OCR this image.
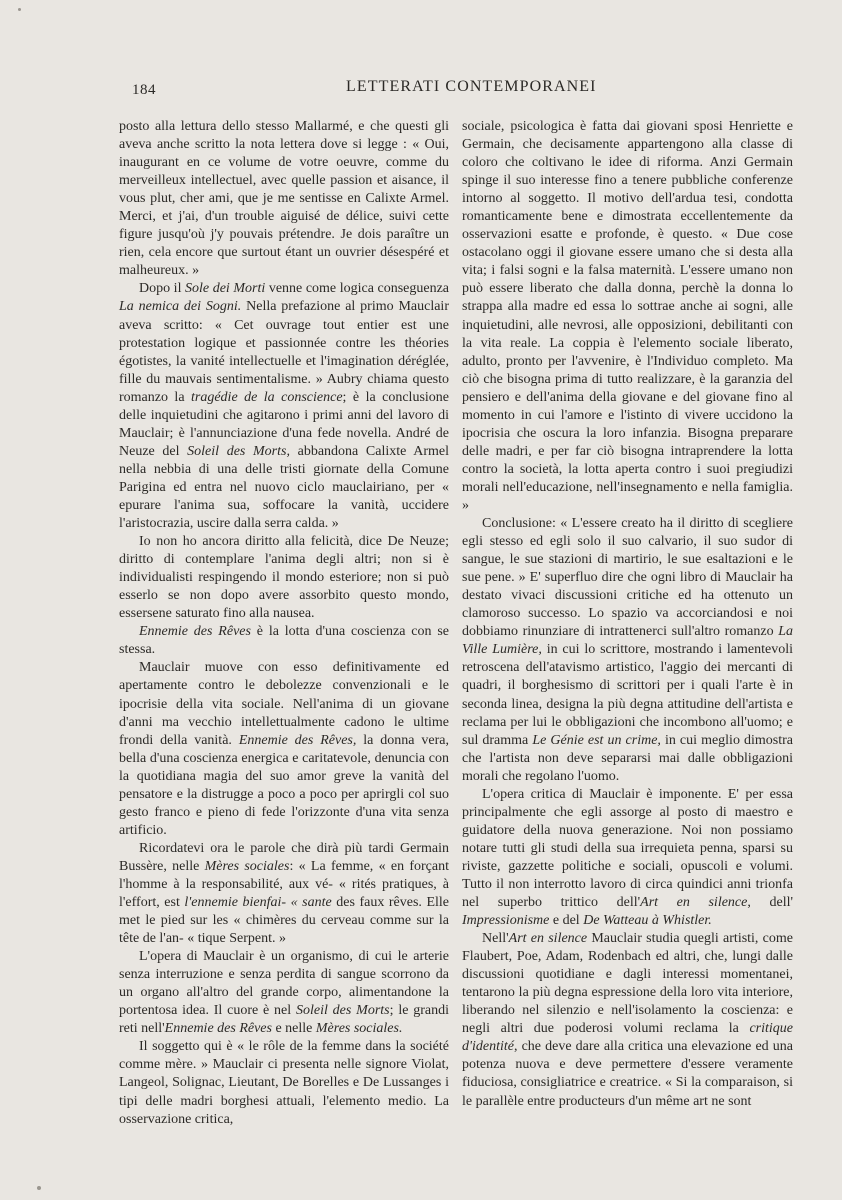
184	LETTERATI CONTEMPORANEI

posto alla lettura dello stesso Mallarmé, e che questi gli aveva anche scritto la nota lettera dove si legge : « Oui, inaugurant en ce volume de votre oeuvre, comme du merveilleux intellectuel, avec quelle passion et aisance, il vous plut, cher ami, que je me sentisse en Calixte Armel. Merci, et j'ai, d'un trouble aiguisé de délice, suivi cette figure jusqu'où j'y pouvais prétendre. Je dois paraître un rien, cela encore que surtout étant un ouvrier désespéré et malheureux. »

Dopo il Sole dei Morti venne come logica conseguenza La nemica dei Sogni. Nella prefazione al primo Mauclair aveva scritto: « Cet ouvrage tout entier est une protestation logique et passionnée contre les théories égotistes, la vanité intellectuelle et l'imagination déréglée, fille du mauvais sentimentalisme. » Aubry chiama questo romanzo la tragédie de la conscience; è la conclusione delle inquietudini che agitarono i primi anni del lavoro di Mauclair; è l'annunciazione d'una fede novella. André de Neuze del Soleil des Morts, abbandona Calixte Armel nella nebbia di una delle tristi giornate della Comune Parigina ed entra nel nuovo ciclo mauclairiano, per « epurare l'anima sua, soffocare la vanità, uccidere l'aristocrazia, uscire dalla serra calda. »

Io non ho ancora diritto alla felicità, dice De Neuze; diritto di contemplare l'anima degli altri; non si è individualisti respingendo il mondo esteriore; non si può esserlo se non dopo avere assorbito questo mondo, essersene saturato fino alla nausea.

Ennemie des Rêves è la lotta d'una coscienza con se stessa.

Mauclair muove con esso definitivamente ed apertamente contro le debolezze convenzionali e le ipocrisie della vita sociale. Nell'anima di un giovane d'anni ma vecchio intellettualmente cadono le ultime frondi della vanità. Ennemie des Rêves, la donna vera, bella d'una coscienza energica e caritatevole, denuncia con la quotidiana magia del suo amor greve la vanità del pensatore e la distrugge a poco a poco per aprirgli col suo gesto franco e pieno di fede l'orizzonte d'una vita senza artificio.

Ricordatevi ora le parole che dirà più tardi Germain Bussère, nelle Mères sociales: « La femme, « en forçant l'homme à la responsabilité, aux vé- « rités pratiques, à l'effort, est l'ennemie bienfai- « sante des faux rêves. Elle met le pied sur les « chimères du cerveau comme sur la tête de l'an- « tique Serpent. »

L'opera di Mauclair è un organismo, di cui le arterie senza interruzione e senza perdita di sangue scorrono da un organo all'altro del grande corpo, alimentandone la portentosa idea. Il cuore è nel Soleil des Morts; le grandi reti nell'Ennemie des Rêves e nelle Mères sociales.

Il soggetto qui è « le rôle de la femme dans la société comme mère. » Mauclair ci presenta nelle signore Violat, Langeol, Solignac, Lieutant, De Borelles e De Lussanges i tipi delle madri borghesi attuali, l'elemento medio. La osservazione critica,

sociale, psicologica è fatta dai giovani sposi Henriette e Germain, che decisamente appartengono alla classe di coloro che coltivano le idee di riforma. Anzi Germain spinge il suo interesse fino a tenere pubbliche conferenze intorno al soggetto. Il motivo dell'ardua tesi, condotta romanticamente bene e dimostrata eccellentemente da osservazioni esatte e profonde, è questo. « Due cose ostacolano oggi il giovane essere umano che si desta alla vita; i falsi sogni e la falsa maternità. L'essere umano non può essere liberato che dalla donna, perchè la donna lo strappa alla madre ed essa lo sottrae anche ai sogni, alle inquietudini, alle nevrosi, alle opposizioni, debilitanti con la vita reale. La coppia è l'elemento sociale liberato, adulto, pronto per l'avvenire, è l'Individuo completo. Ma ciò che bisogna prima di tutto realizzare, è la garanzia del pensiero e dell'anima della giovane e del giovane fino al momento in cui l'amore e l'istinto di vivere uccidono la ipocrisia che oscura la loro infanzia. Bisogna preparare delle madri, e per far ciò bisogna intraprendere la lotta contro la società, la lotta aperta contro i suoi pregiudizi morali nell'educazione, nell'insegnamento e nella famiglia. »

Conclusione: « L'essere creato ha il diritto di scegliere egli stesso ed egli solo il suo calvario, il suo sudor di sangue, le sue stazioni di martirio, le sue esaltazioni e le sue pene. » E' superfluo dire che ogni libro di Mauclair ha destato vivaci discussioni critiche ed ha ottenuto un clamoroso successo. Lo spazio va accorciandosi e noi dobbiamo rinunziare di intrattenerci sull'altro romanzo La Ville Lumière, in cui lo scrittore, mostrando i lamentevoli retroscena dell'atavismo artistico, l'aggio dei mercanti di quadri, il borghesismo di scrittori per i quali l'arte è in seconda linea, designa la più degna attitudine dell'artista e reclama per lui le obbligazioni che incombono all'uomo; e sul dramma Le Génie est un crime, in cui meglio dimostra che l'artista non deve separarsi mai dalle obbligazioni morali che regolano l'uomo.

L'opera critica di Mauclair è imponente. E' per essa principalmente che egli assorge al posto di maestro e guidatore della nuova generazione. Noi non possiamo notare tutti gli studi della sua irrequieta penna, sparsi su riviste, gazzette politiche e sociali, opuscoli e volumi. Tutto il non interrotto lavoro di circa quindici anni trionfa nel superbo trittico dell'Art en silence, dell' Impressionisme e del De Watteau à Whistler.

Nell'Art en silence Mauclair studia quegli artisti, come Flaubert, Poe, Adam, Rodenbach ed altri, che, lungi dalle discussioni quotidiane e dagli interessi momentanei, tentarono la più degna espressione della loro vita interiore, liberando nel silenzio e nell'isolamento la coscienza: e negli altri due poderosi volumi reclama la critique d'identité, che deve dare alla critica una elevazione ed una potenza nuova e deve permettere d'essere veramente fiduciosa, consigliatrice e creatrice. « Si la comparaison, si le parallèle entre producteurs d'un même art ne sont
